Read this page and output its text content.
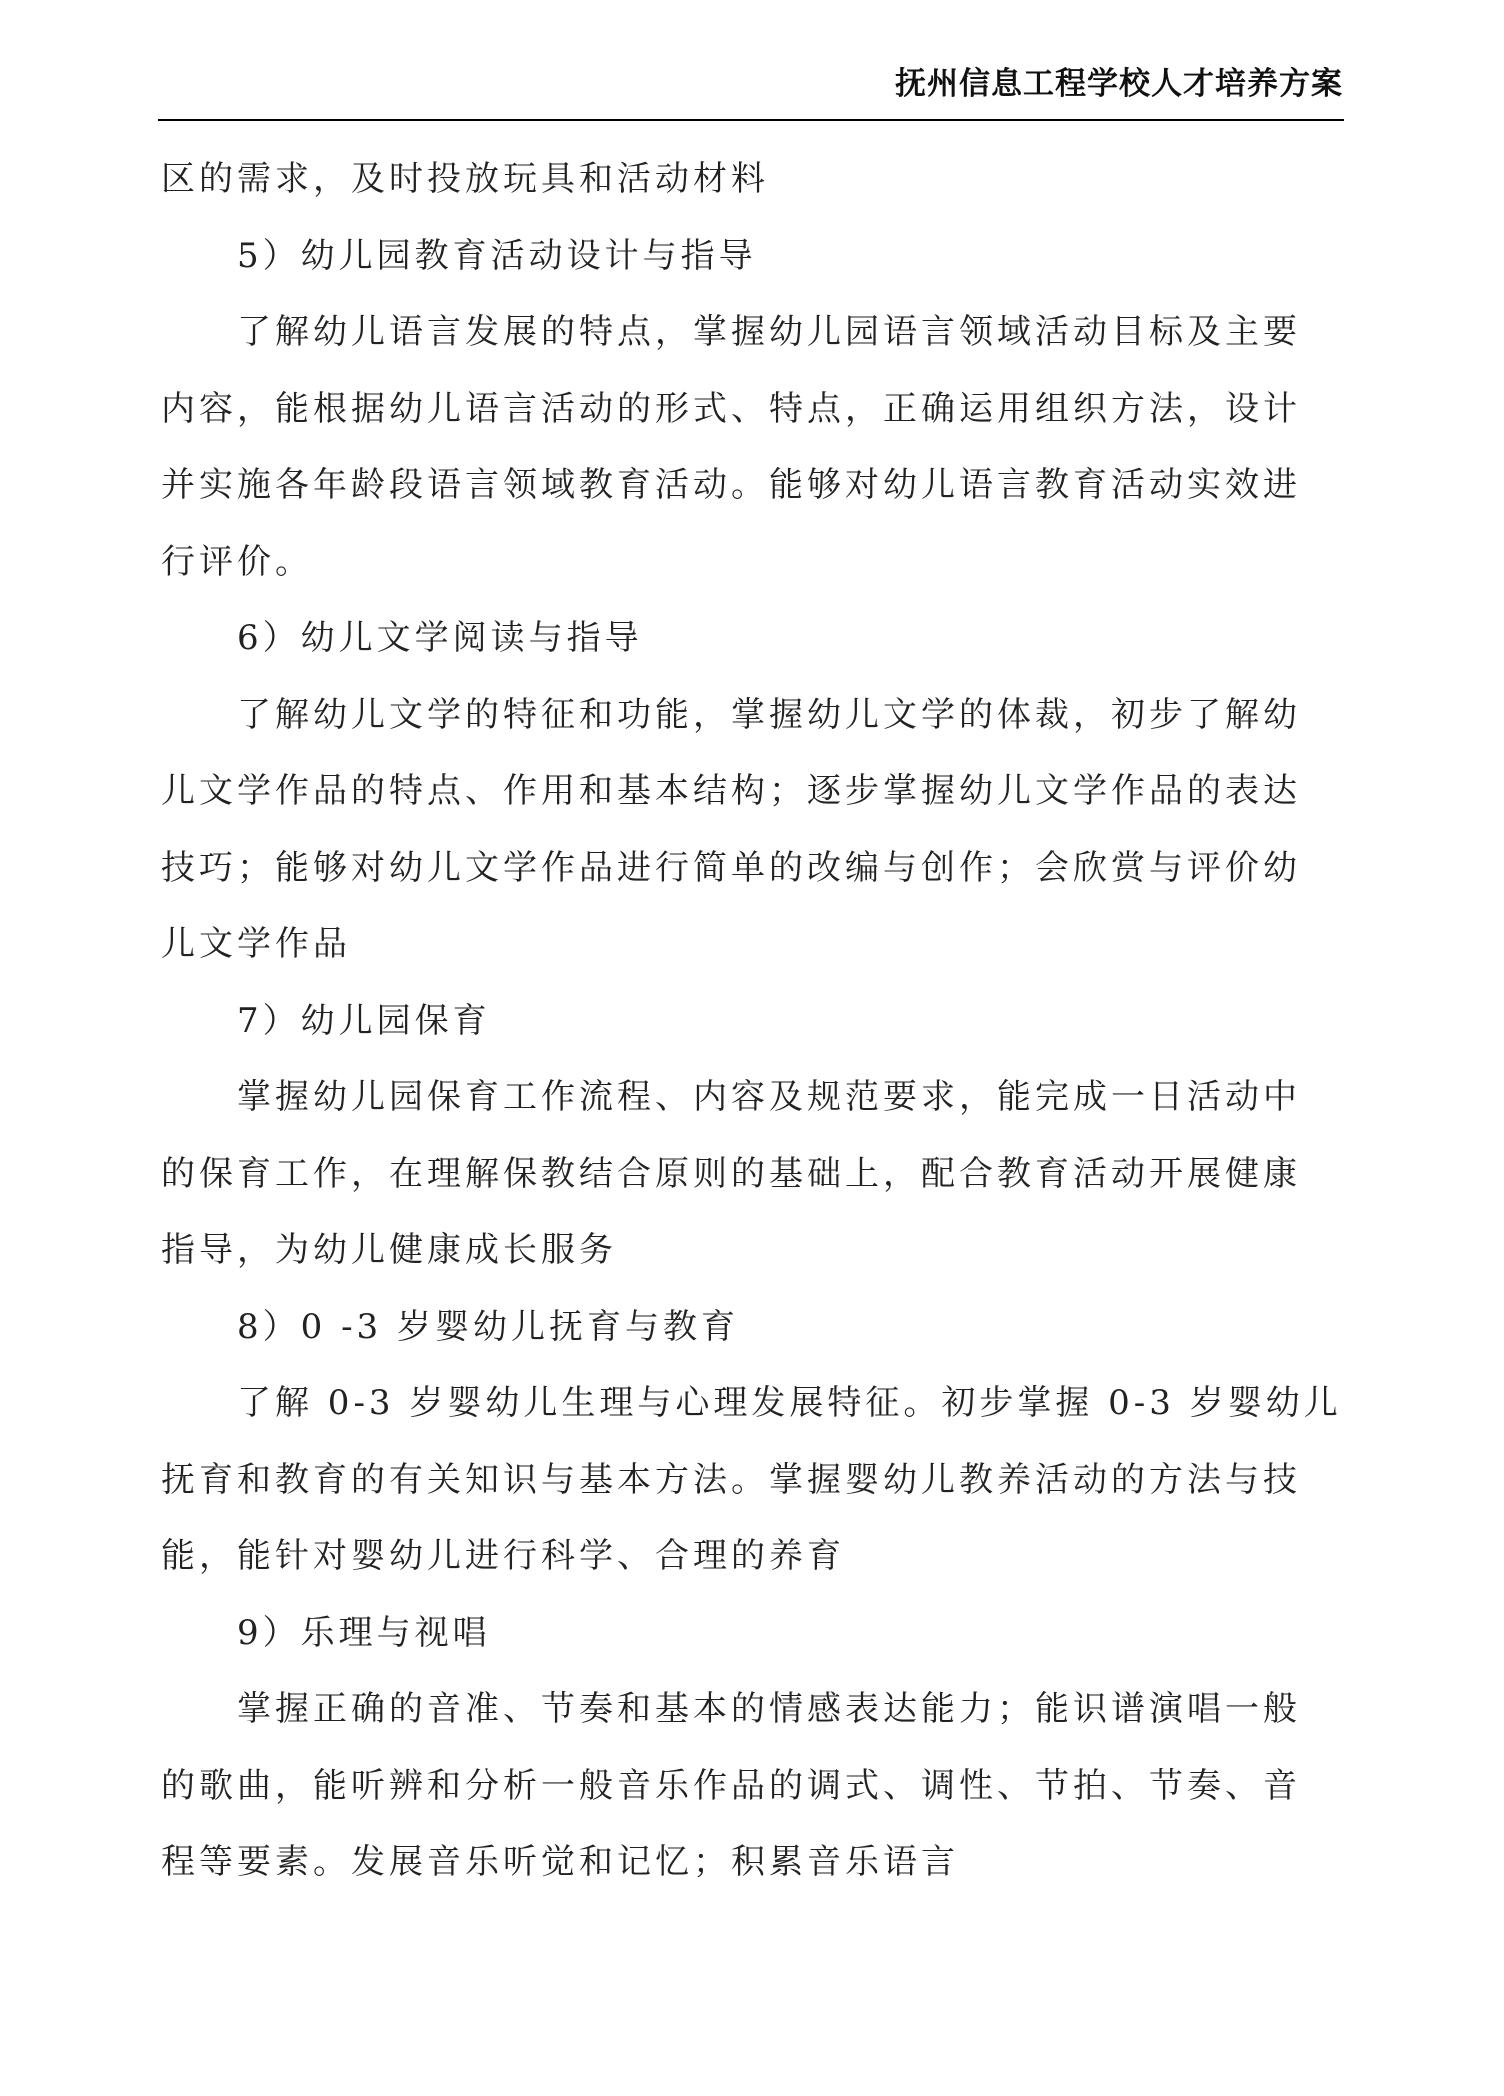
抚州信息工程学校人才培养方案
区的需求，及时投放玩具和活动材料
5）幼儿园教育活动设计与指导
了解幼儿语言发展的特点，掌握幼儿园语言领域活动目标及主要
内容，能根据幼儿语言活动的形式、特点，正确运用组织方法，设计
并实施各年龄段语言领域教育活动。能够对幼儿语言教育活动实效进
行评价。
6）幼儿文学阅读与指导
了解幼儿文学的特征和功能，掌握幼儿文学的体裁，初步了解幼
儿文学作品的特点、作用和基本结构；逐步掌握幼儿文学作品的表达
技巧；能够对幼儿文学作品进行简单的改编与创作；会欣赏与评价幼
儿文学作品
7）幼儿园保育
掌握幼儿园保育工作流程、内容及规范要求，能完成一日活动中
的保育工作，在理解保教结合原则的基础上，配合教育活动开展健康
指导，为幼儿健康成长服务
8）0 -3 岁婴幼儿抚育与教育
了解 0-3 岁婴幼儿生理与心理发展特征。初步掌握 0-3 岁婴幼儿
抚育和教育的有关知识与基本方法。掌握婴幼儿教养活动的方法与技
能，能针对婴幼儿进行科学、合理的养育
9）乐理与视唱
掌握正确的音准、节奏和基本的情感表达能力；能识谱演唱一般
的歌曲，能听辨和分析一般音乐作品的调式、调性、节拍、节奏、音
程等要素。发展音乐听觉和记忆；积累音乐语言
